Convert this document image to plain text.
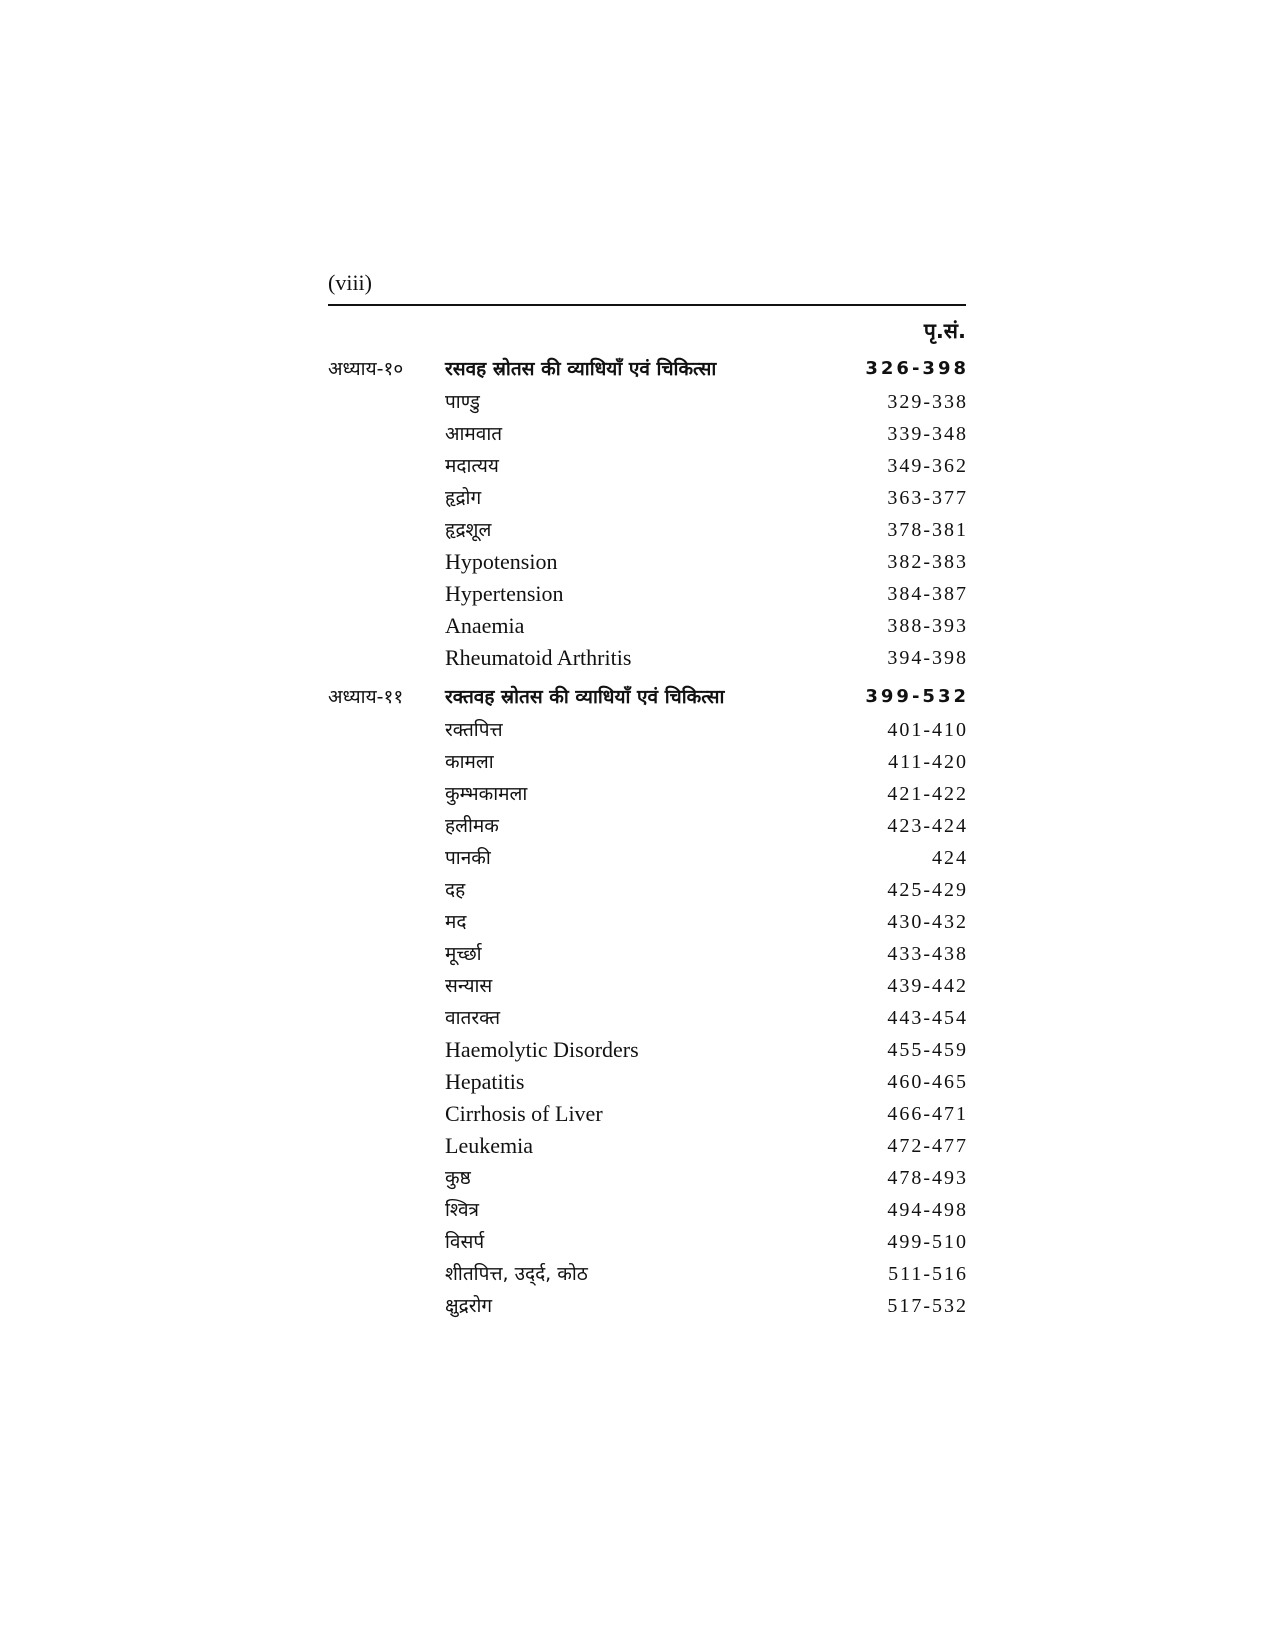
(viii)
पृ.सं.
अध्याय-१० रसवह स्रोतस की व्याधियाँ एवं चिकित्सा	326-398
पाण्डु	329-338
आमवात	339-348
मदात्यय	349-362
हृद्रोग	363-377
हृद्रशूल	378-381
Hypotension	382-383
Hypertension	384-387
Anaemia	388-393
Rheumatoid Arthritis	394-398
अध्याय-११ रक्तवह स्रोतस की व्याधियाँ एवं चिकित्सा	399-532
रक्तपित्त	401-410
कामला	411-420
कुम्भकामला	421-422
हलीमक	423-424
पानकी	424
दह	425-429
मद	430-432
मूर्च्छा	433-438
सन्यास	439-442
वातरक्त	443-454
Haemolytic Disorders	455-459
Hepatitis	460-465
Cirrhosis of Liver	466-471
Leukemia	472-477
कुष्ठ	478-493
श्वित्र	494-498
विसर्प	499-510
शीतपित्त, उद्‌र्द, कोठ	511-516
क्षुद्ररोग	517-532
